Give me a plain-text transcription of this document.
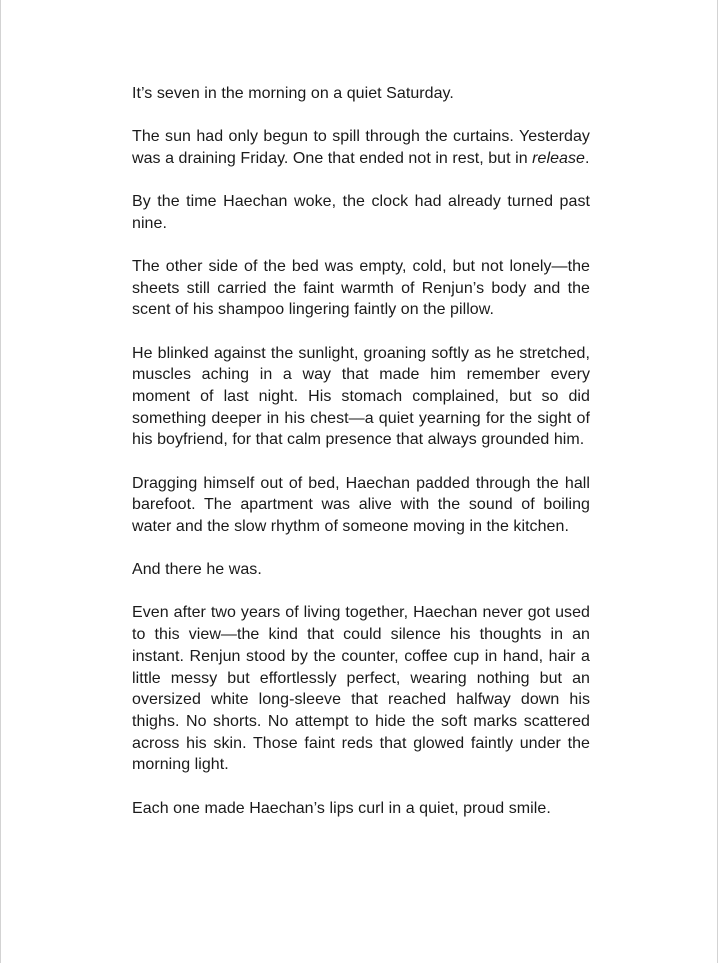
It’s seven in the morning on a quiet Saturday.

The sun had only begun to spill through the curtains. Yesterday was a draining Friday. One that ended not in rest, but in release.

By the time Haechan woke, the clock had already turned past nine.

The other side of the bed was empty, cold, but not lonely—the sheets still carried the faint warmth of Renjun’s body and the scent of his shampoo lingering faintly on the pillow.

He blinked against the sunlight, groaning softly as he stretched, muscles aching in a way that made him remember every moment of last night. His stomach complained, but so did something deeper in his chest—a quiet yearning for the sight of his boyfriend, for that calm presence that always grounded him.

Dragging himself out of bed, Haechan padded through the hall barefoot. The apartment was alive with the sound of boiling water and the slow rhythm of someone moving in the kitchen.

And there he was.

Even after two years of living together, Haechan never got used to this view—the kind that could silence his thoughts in an instant. Renjun stood by the counter, coffee cup in hand, hair a little messy but effortlessly perfect, wearing nothing but an oversized white long-sleeve that reached halfway down his thighs. No shorts. No attempt to hide the soft marks scattered across his skin. Those faint reds that glowed faintly under the morning light.

Each one made Haechan’s lips curl in a quiet, proud smile.
